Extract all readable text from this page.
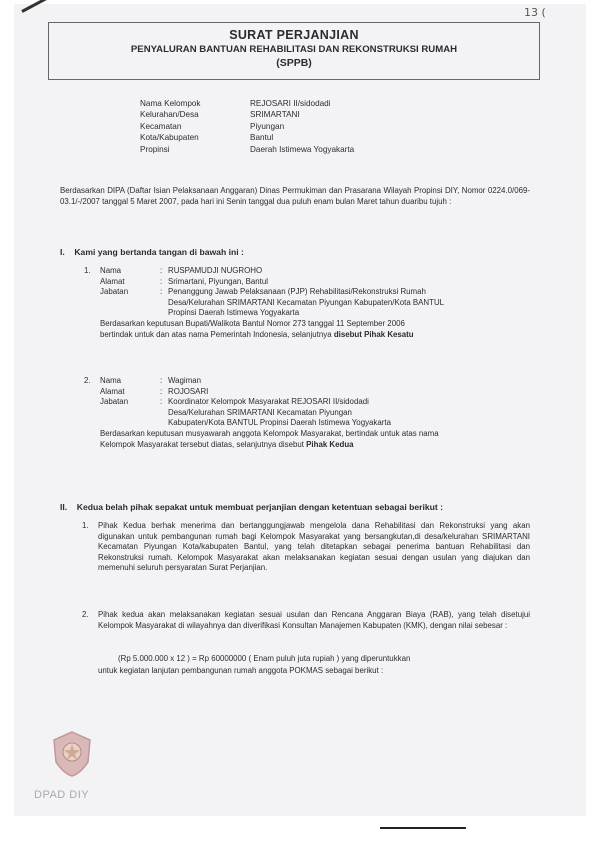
13 (
SURAT PERJANJIAN
PENYALURAN BANTUAN REHABILITASI DAN REKONSTRUKSI RUMAH
(SPPB)
Nama Kelompok	REJOSARI II/sidodadi
Kelurahan/Desa	SRIMARTANI
Kecamatan	Piyungan
Kota/Kabupaten	Bantul
Propinsi	Daerah Istimewa Yogyakarta
Berdasarkan DIPA (Daftar Isian Pelaksanaan Anggaran) Dinas Permukiman dan Prasarana Wilayah Propinsi DIY, Nomor 0224.0/069-03.1/-/2007 tanggal 5 Maret 2007, pada hari ini Senin tanggal dua puluh enam bulan Maret tahun duaribu tujuh :
I. Kami yang bertanda tangan di bawah ini :
1.	Nama	: RUSPAMUDJI NUGROHO
Alamat	: Srimartani, Piyungan, Bantul
Jabatan	: Penanggung Jawab Pelaksanaan (PJP) Rehabilitasi/Rekonstruksi Rumah
Desa/Kelurahan SRIMARTANI Kecamatan Piyungan Kabupaten/Kota BANTUL
Propinsi Daerah Istimewa Yogyakarta
Berdasarkan keputusan Bupati/Walikota Bantul Nomor 273 tanggal 11 September 2006
bertindak untuk dan atas nama Pemerintah Indonesia, selanjutnya disebut Pihak Kesatu
2.	Nama	: Wagiman
Alamat	: ROJOSARI
Jabatan	: Koordinator Kelompok Masyarakat REJOSARI II/sidodadi
Desa/Kelurahan SRIMARTANI Kecamatan Piyungan
Kabupaten/Kota BANTUL Propinsi Daerah Istimewa Yogyakarta
Berdasarkan keputusan musyawarah anggota Kelompok Masyarakat, bertindak untuk atas nama
Kelompok Masyarakat tersebut diatas, selanjutnya disebut Pihak Kedua
II. Kedua belah pihak sepakat untuk membuat perjanjian dengan ketentuan sebagai berikut :
1.	Pihak Kedua berhak menerima dan bertanggungjawab mengelola dana Rehabilitasi dan Rekonstruksi yang akan digunakan untuk pembangunan rumah bagi Kelompok Masyarakat yang bersangkutan,di desa/kelurahan SRIMARTANI Kecamatan Piyungan Kota/kabupaten Bantul, yang telah ditetapkan sebagai penerima bantuan Rehabilitasi dan Rekonstruksi rumah. Kelompok Masyarakat akan melaksanakan kegiatan sesuai dengan usulan yang diajukan dan memenuhi seluruh persyaratan Surat Perjanjian.
2.	Pihak kedua akan melaksanakan kegiatan sesuai usulan dan Rencana Anggaran Biaya (RAB), yang telah disetujui Kelompok Masyarakat di wilayahnya dan diverifikasi Konsultan Manajemen Kabupaten (KMK), dengan nilai sebesar :
(Rp 5.000.000 x 12 ) = Rp 60000000 ( Enam puluh juta rupiah ) yang diperuntukkan
untuk kegiatan lanjutan pembangunan rumah anggota POKMAS sebagai berikut :
DPAD DIY
